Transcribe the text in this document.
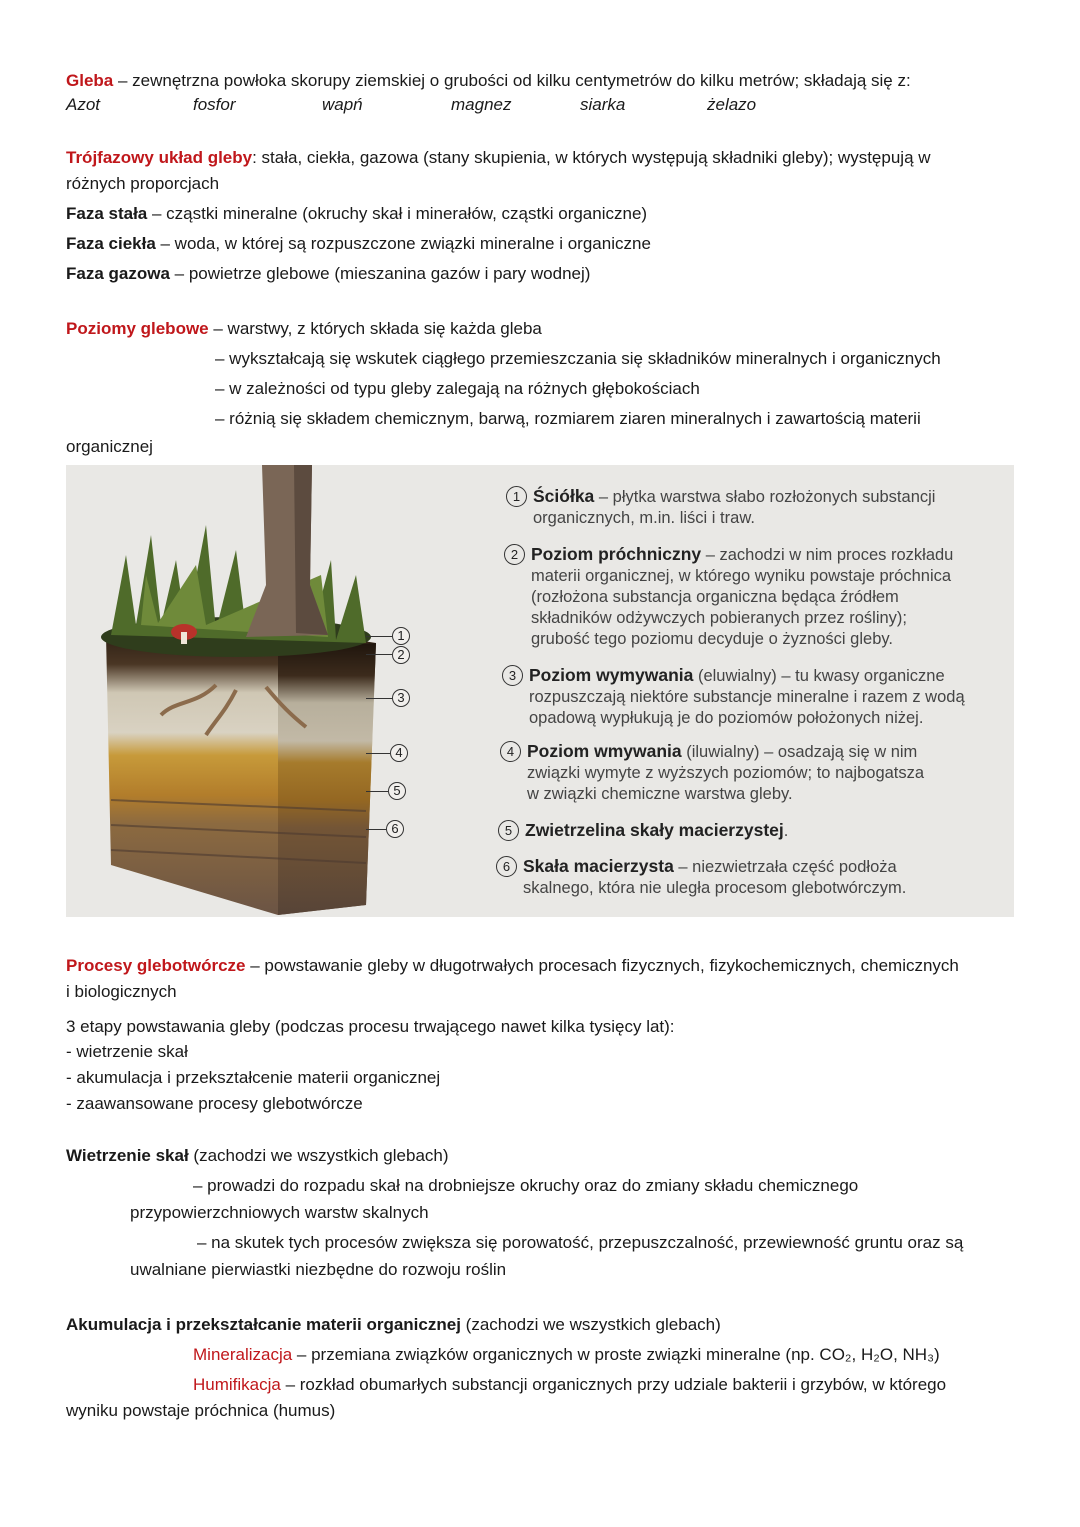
Gleba – zewnętrzna powłoka skorupy ziemskiej o grubości od kilku centymetrów do kilku metrów; składają się z:
Azot	fosfor	wapń	magnez	siarka	żelazo
Trójfazowy układ gleby: stała, ciekła, gazowa (stany skupienia, w których występują składniki gleby); występują w
różnych proporcjach
Faza stała – cząstki mineralne (okruchy skał i minerałów, cząstki organiczne)
Faza ciekła – woda, w której są rozpuszczone związki mineralne i organiczne
Faza gazowa – powietrze glebowe (mieszanina gazów i pary wodnej)
Poziomy glebowe – warstwy, z których składa się każda gleba
– wykształcają się wskutek ciągłego przemieszczania się składników mineralnych i organicznych
– w zależności od typu gleby zalegają na różnych głębokościach
– różnią się składem chemicznym, barwą, rozmiarem ziaren mineralnych i zawartością materii
organicznej
1
2
3
4
5
6
1 Ściółka – płytka warstwa słabo rozłożonych substancji
organicznych, m.in. liści i traw.
2 Poziom próchniczny – zachodzi w nim proces rozkładu
materii organicznej, w którego wyniku powstaje próchnica
(rozłożona substancja organiczna będąca źródłem
składników odżywczych pobieranych przez rośliny);
grubość tego poziomu decyduje o żyzności gleby.
3 Poziom wymywania (eluwialny) – tu kwasy organiczne
rozpuszczają niektóre substancje mineralne i razem z wodą
opadową wypłukują je do poziomów położonych niżej.
4 Poziom wmywania (iluwialny) – osadzają się w nim
związki wymyte z wyższych poziomów; to najbogatsza
w związki chemiczne warstwa gleby.
5 Zwietrzelina skały macierzystej.
6 Skała macierzysta – niezwietrzała część podłoża
skalnego, która nie uległa procesom glebotwórczym.
Procesy glebotwórcze – powstawanie gleby w długotrwałych procesach fizycznych, fizykochemicznych, chemicznych
i biologicznych
3 etapy powstawania gleby (podczas procesu trwającego nawet kilka tysięcy lat):
- wietrzenie skał
- akumulacja i przekształcenie materii organicznej
- zaawansowane procesy glebotwórcze
Wietrzenie skał (zachodzi we wszystkich glebach)
– prowadzi do rozpadu skał na drobniejsze okruchy oraz do zmiany składu chemicznego
przypowierzchniowych warstw skalnych
– na skutek tych procesów zwiększa się porowatość, przepuszczalność, przewiewność gruntu oraz są
uwalniane pierwiastki niezbędne do rozwoju roślin
Akumulacja i przekształcanie materii organicznej (zachodzi we wszystkich glebach)
Mineralizacja – przemiana związków organicznych w proste związki mineralne (np. CO₂, H₂O, NH₃)
Humifikacja – rozkład obumarłych substancji organicznych przy udziale bakterii i grzybów, w którego
wyniku powstaje próchnica (humus)
